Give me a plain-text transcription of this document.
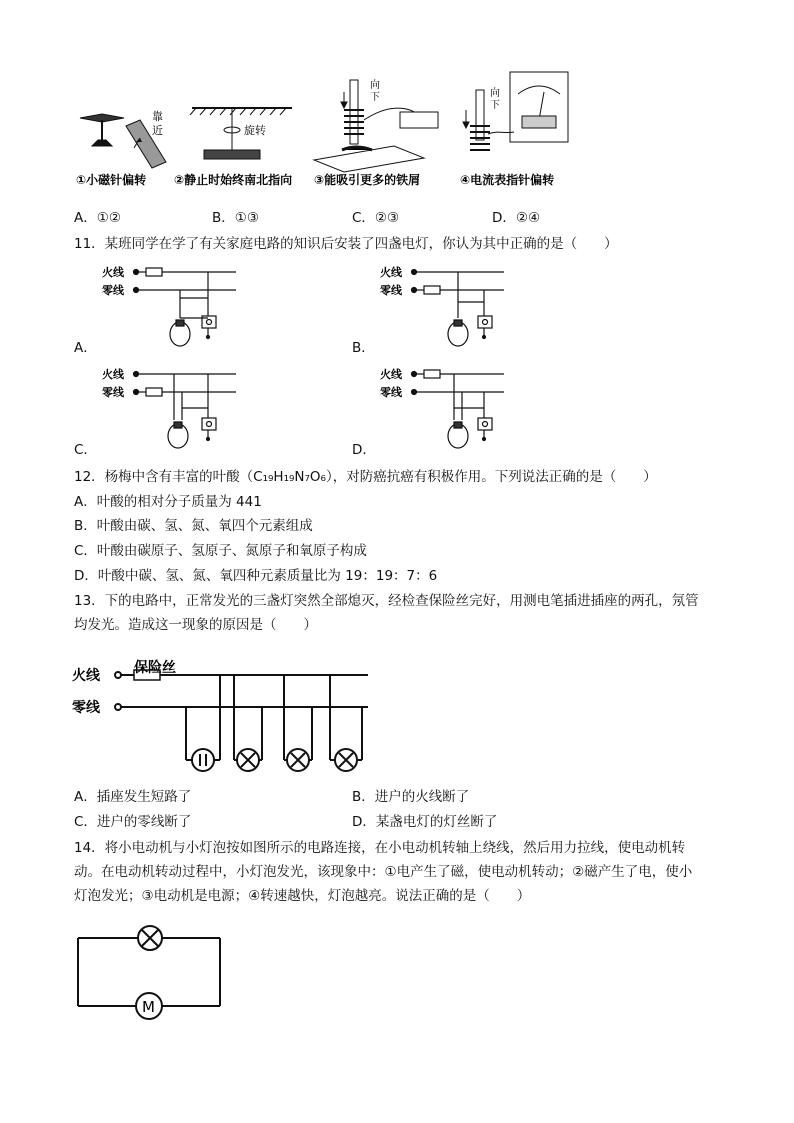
靠
近	旋转
向
下	向
下
①小磁针偏转 ②静止时始终南北指向 ③能吸引更多的铁屑	④电流表指针偏转
A．①②	B．①③	C．②③	D．②④
11．某班同学在学了有关家庭电路的知识后安装了四盏电灯，你认为其中正确的是（　　）
火线
零线
A．
火线
零线
B．
火线
零线
C．
火线
零线
D．
12．杨梅中含有丰富的叶酸（C₁₉H₁₉N₇O₆），对防癌抗癌有积极作用。下列说法正确的是（　　）
A．叶酸的相对分子质量为 441
B．叶酸由碳、氢、氮、氧四个元素组成
C．叶酸由碳原子、氢原子、氮原子和氧原子构成
D．叶酸中碳、氢、氮、氧四种元素质量比为 19：19：7：6
13．下的电路中，正常发光的三盏灯突然全部熄灭，经检查保险丝完好，用测电笔插进插座的两孔，氖管
均发光。造成这一现象的原因是（　　）
火线
零线
保险丝
A．插座发生短路了	B．进户的火线断了
C．进户的零线断了	D．某盏电灯的灯丝断了
14．将小电动机与小灯泡按如图所示的电路连接，在小电动机转轴上绕线，然后用力拉线，使电动机转
动。在电动机转动过程中，小灯泡发光，该现象中：①电产生了磁，使电动机转动；②磁产生了电，使小
灯泡发光；③电动机是电源；④转速越快，灯泡越亮。说法正确的是（　　）
M
